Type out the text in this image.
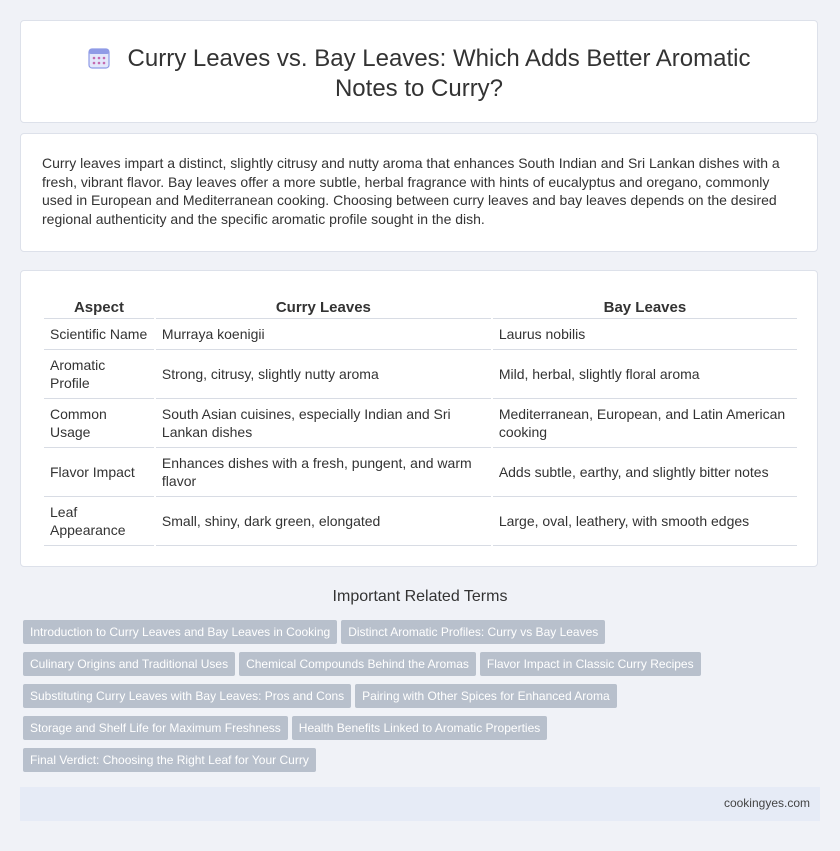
Curry Leaves vs. Bay Leaves: Which Adds Better Aromatic Notes to Curry?

Curry leaves impart a distinct, slightly citrusy and nutty aroma that enhances South Indian and Sri Lankan dishes with a fresh, vibrant flavor. Bay leaves offer a more subtle, herbal fragrance with hints of eucalyptus and oregano, commonly used in European and Mediterranean cooking. Choosing between curry leaves and bay leaves depends on the desired regional authenticity and the specific aromatic profile sought in the dish.

Aspect	Curry Leaves	Bay Leaves
Scientific Name	Murraya koenigii	Laurus nobilis
Aromatic Profile	Strong, citrusy, slightly nutty aroma	Mild, herbal, slightly floral aroma
Common Usage	South Asian cuisines, especially Indian and Sri Lankan dishes	Mediterranean, European, and Latin American cooking
Flavor Impact	Enhances dishes with a fresh, pungent, and warm flavor	Adds subtle, earthy, and slightly bitter notes
Leaf Appearance	Small, shiny, dark green, elongated	Large, oval, leathery, with smooth edges
Important Related Terms
Introduction to Curry Leaves and Bay Leaves in Cooking Distinct Aromatic Profiles: Curry vs Bay Leaves
Culinary Origins and Traditional Uses Chemical Compounds Behind the Aromas Flavor Impact in Classic Curry Recipes
Substituting Curry Leaves with Bay Leaves: Pros and Cons Pairing with Other Spices for Enhanced Aroma
Storage and Shelf Life for Maximum Freshness Health Benefits Linked to Aromatic Properties
Final Verdict: Choosing the Right Leaf for Your Curry
cookingyes.com
